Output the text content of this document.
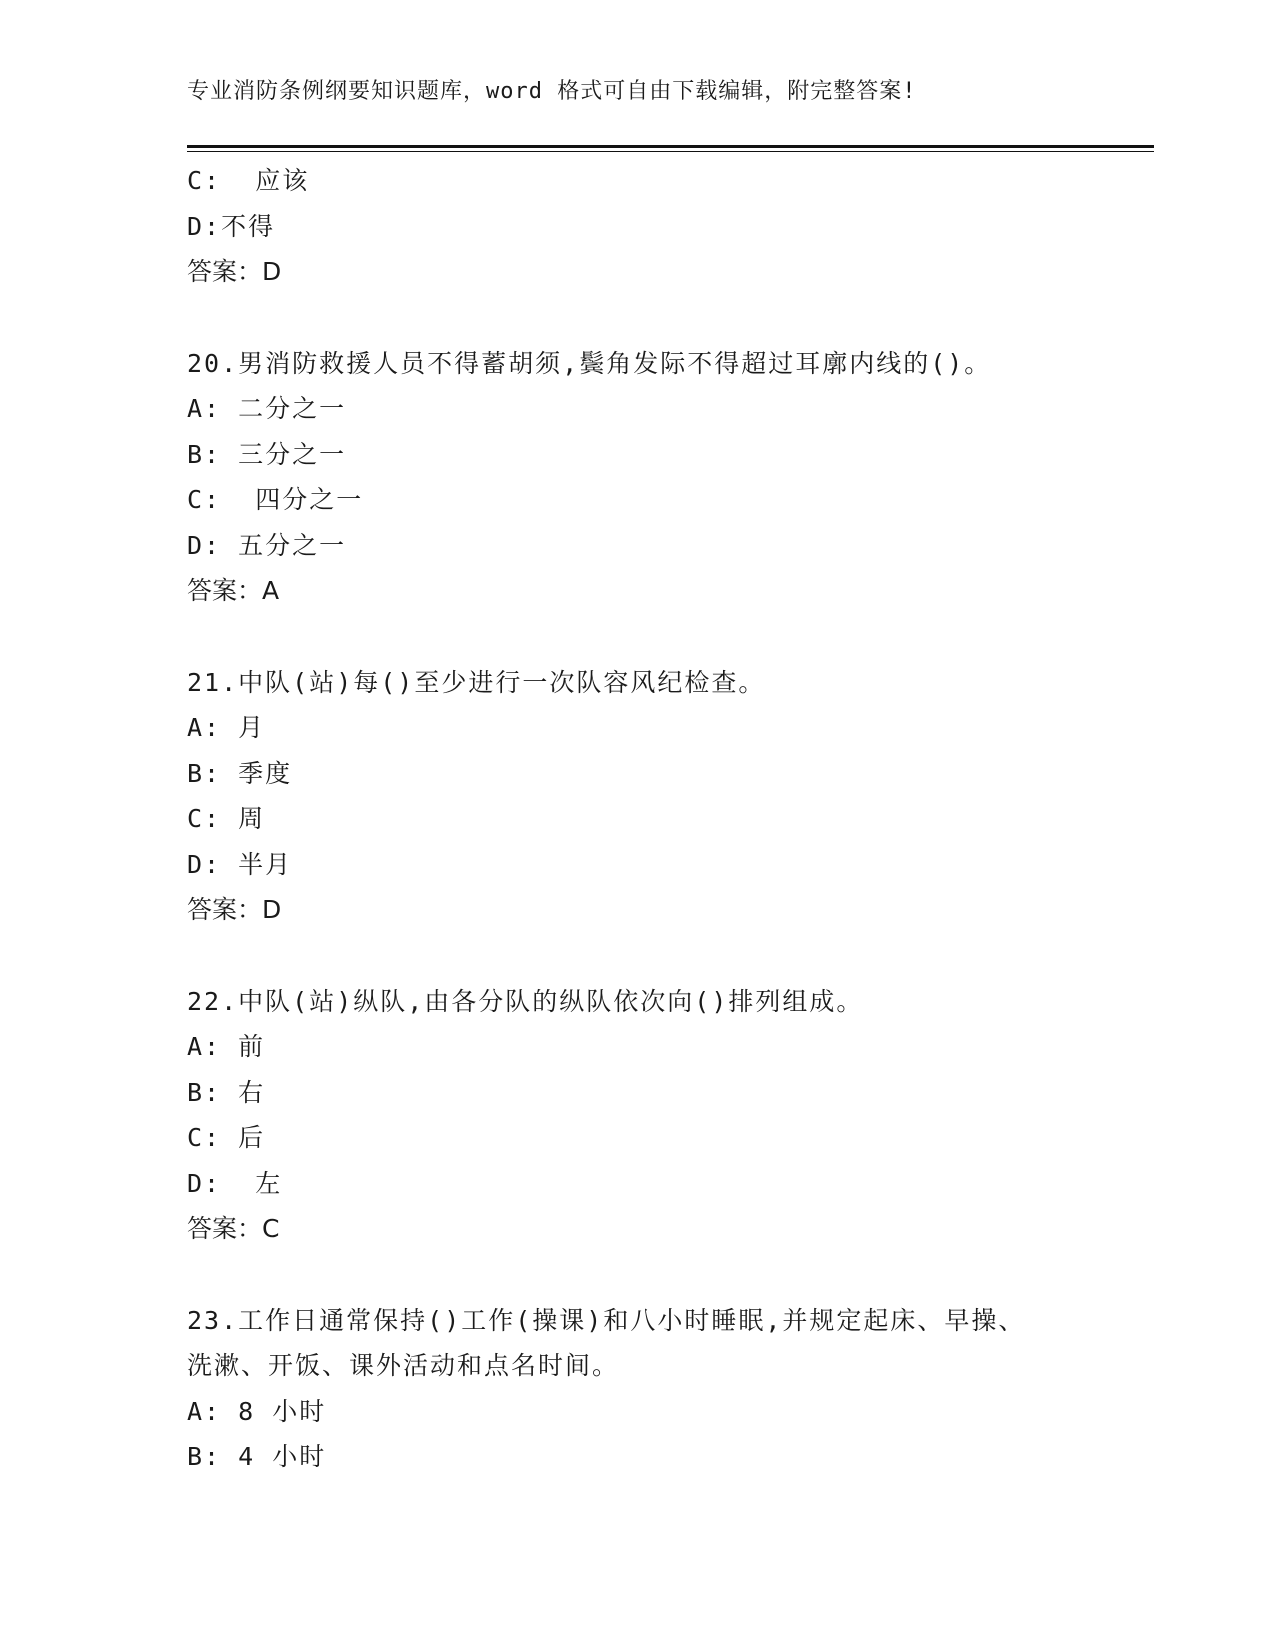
专业消防条例纲要知识题库，word 格式可自由下载编辑，附完整答案!
C:  应该
D:不得
答案：D
20.男消防救援人员不得蓄胡须,鬓角发际不得超过耳廓内线的()。
A: 二分之一
B: 三分之一
C:  四分之一
D: 五分之一
答案：A
21.中队(站)每()至少进行一次队容风纪检查。
A: 月
B: 季度
C: 周
D: 半月
答案：D
22.中队(站)纵队,由各分队的纵队依次向()排列组成。
A: 前
B: 右
C: 后
D:  左
答案：C
23.工作日通常保持()工作(操课)和八小时睡眠,并规定起床、早操、
洗漱、开饭、课外活动和点名时间。
A: 8 小时
B: 4 小时
